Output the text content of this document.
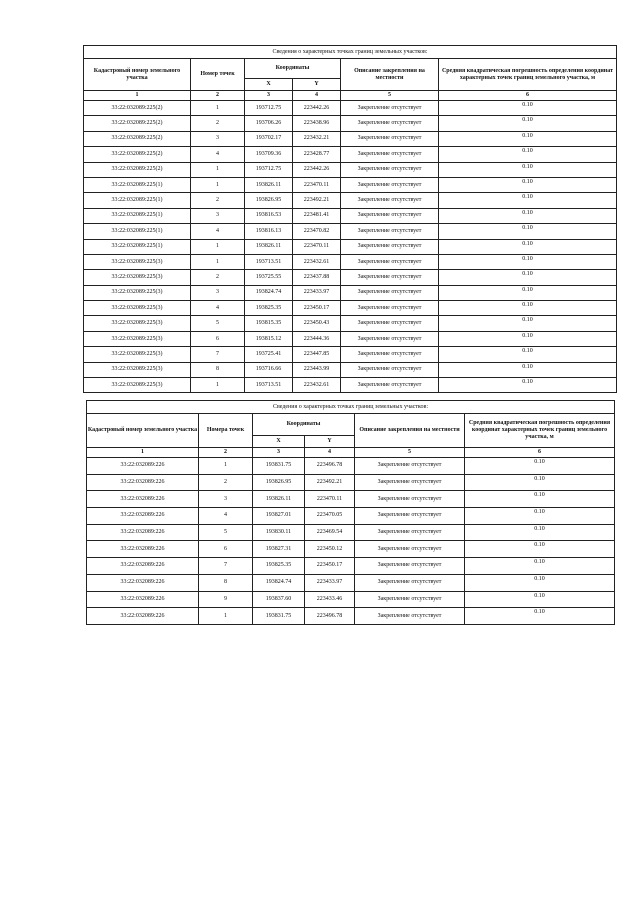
Сведения о характерных точках границ земельных участков:					
Кадастровый номер земельного участка	Номер точек	Координаты		Описание закрепления на местности	Средняя квадратическая погрешность определения координат характерных точек границ земельного участка, м
		X	Y		
1	2	3	4	5	6
33:22:032089:225(2)	1	193712.75	223442.26	Закрепление отсутствует	0.10
33:22:032089:225(2)	2	193706.26	223438.96	Закрепление отсутствует	0.10
33:22:032089:225(2)	3	193702.17	223432.21	Закрепление отсутствует	0.10
33:22:032089:225(2)	4	193709.36	223428.77	Закрепление отсутствует	0.10
33:22:032089:225(2)	1	193712.75	223442.26	Закрепление отсутствует	0.10
33:22:032089:225(1)	1	193826.11	223470.11	Закрепление отсутствует	0.10
33:22:032089:225(1)	2	193826.95	223492.21	Закрепление отсутствует	0.10
33:22:032089:225(1)	3	193816.53	223481.41	Закрепление отсутствует	0.10
33:22:032089:225(1)	4	193816.13	223470.82	Закрепление отсутствует	0.10
33:22:032089:225(1)	1	193826.11	223470.11	Закрепление отсутствует	0.10
33:22:032089:225(3)	1	193713.51	223432.61	Закрепление отсутствует	0.10
33:22:032089:225(3)	2	193725.55	223437.88	Закрепление отсутствует	0.10
33:22:032089:225(3)	3	193824.74	223433.97	Закрепление отсутствует	0.10
33:22:032089:225(3)	4	193825.35	223450.17	Закрепление отсутствует	0.10
33:22:032089:225(3)	5	193815.35	223450.43	Закрепление отсутствует	0.10
33:22:032089:225(3)	6	193815.12	223444.36	Закрепление отсутствует	0.10
33:22:032089:225(3)	7	193725.41	223447.85	Закрепление отсутствует	0.10
33:22:032089:225(3)	8	193716.66	223443.99	Закрепление отсутствует	0.10
33:22:032089:225(3)	1	193713.51	223432.61	Закрепление отсутствует	0.10
Сведения о характерных точках границ земельных участков:					
Кадастровый номер земельного участка	Номера точек	Координаты		Описание закрепления на местности	Средняя квадратическая погрешность определения координат характерных точек границ земельного участка, м
		X	Y		
1	2	3	4	5	6
33:22:032089:226	1	193831.75	223496.78	Закрепление отсутствует	0.10
33:22:032089:226	2	193826.95	223492.21	Закрепление отсутствует	0.10
33:22:032089:226	3	193826.11	223470.11	Закрепление отсутствует	0.10
33:22:032089:226	4	193827.01	223470.05	Закрепление отсутствует	0.10
33:22:032089:226	5	193830.11	223469.54	Закрепление отсутствует	0.10
33:22:032089:226	6	193827.31	223450.12	Закрепление отсутствует	0.10
33:22:032089:226	7	193825.35	223450.17	Закрепление отсутствует	0.10
33:22:032089:226	8	193824.74	223433.97	Закрепление отсутствует	0.10
33:22:032089:226	9	193837.60	223433.46	Закрепление отсутствует	0.10
33:22:032089:226	1	193831.75	223496.78	Закрепление отсутствует	0.10
